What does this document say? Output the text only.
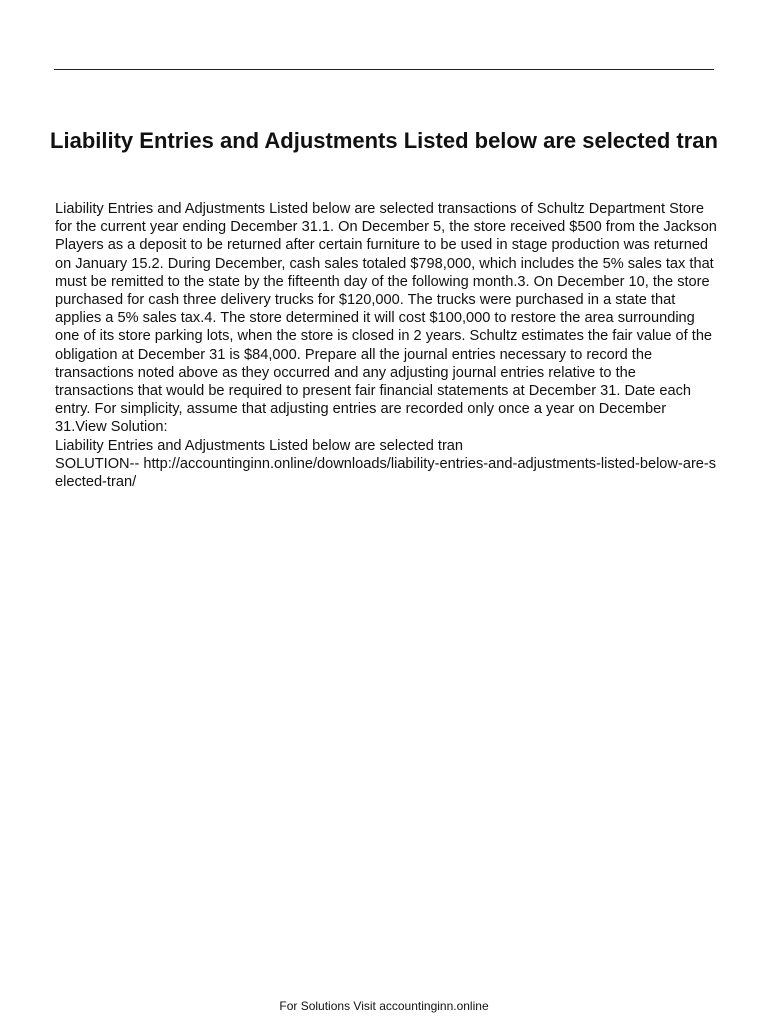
Liability Entries and Adjustments Listed below are selected tran

Liability Entries and Adjustments Listed below are selected transactions of Schultz Department Store for the current year ending December 31.1. On December 5, the store received $500 from the Jackson Players as a deposit to be returned after certain furniture to be used in stage production was returned on January 15.2. During December, cash sales totaled $798,000, which includes the 5% sales tax that must be remitted to the state by the fifteenth day of the following month.3. On December 10, the store purchased for cash three delivery trucks for $120,000. The trucks were purchased in a state that applies a 5% sales tax.4. The store determined it will cost $100,000 to restore the area surrounding one of its store parking lots, when the store is closed in 2 years. Schultz estimates the fair value of the obligation at December 31 is $84,000. Prepare all the journal entries necessary to record the transactions noted above as they occurred and any adjusting journal entries relative to the transactions that would be required to present fair financial statements at December 31. Date each entry. For simplicity, assume that adjusting entries are recorded only once a year on December 31.View Solution:

Liability Entries and Adjustments Listed below are selected tran

SOLUTION-- http://accountinginn.online/downloads/liability-entries-and-adjustments-listed-below-are-selected-tran/

For Solutions Visit accountinginn.online
